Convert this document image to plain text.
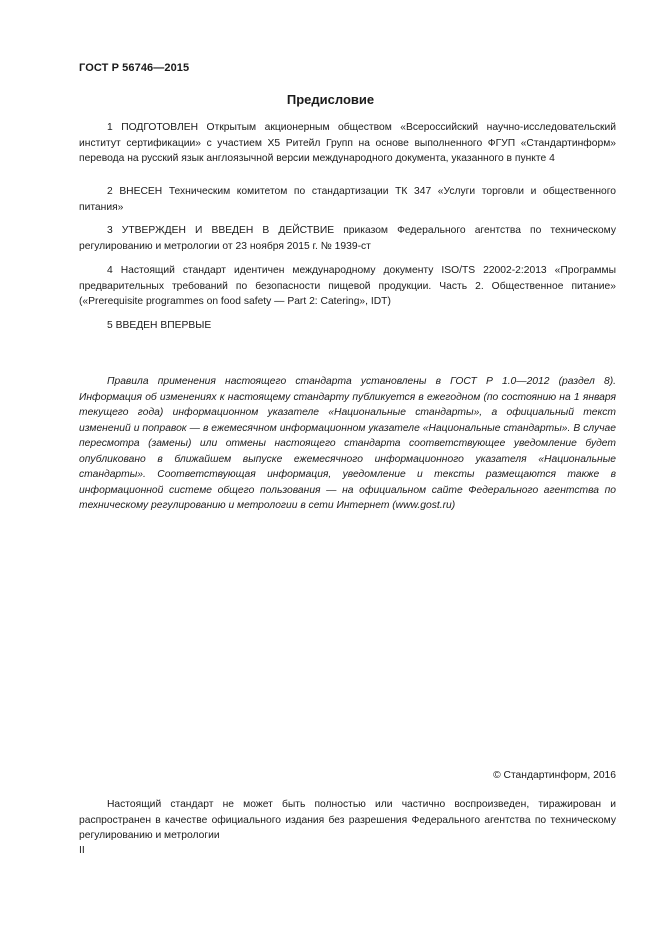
ГОСТ Р 56746—2015
Предисловие

1 ПОДГОТОВЛЕН Открытым акционерным обществом «Всероссийский научно-исследовательский институт сертификации» с участием Х5 Ритейл Групп на основе выполненного ФГУП «Стандартинформ» перевода на русский язык англоязычной версии международного документа, указанного в пункте 4

2 ВНЕСЕН Техническим комитетом по стандартизации ТК 347 «Услуги торговли и общественного питания»

3 УТВЕРЖДЕН И ВВЕДЕН В ДЕЙСТВИЕ приказом Федерального агентства по техническому регулированию и метрологии от 23 ноября 2015 г. № 1939-ст

4 Настоящий стандарт идентичен международному документу ISO/TS 22002-2:2013 «Программы предварительных требований по безопасности пищевой продукции. Часть 2. Общественное питание» («Prerequisite programmes on food safety — Part 2: Catering», IDT)

5 ВВЕДЕН ВПЕРВЫЕ

Правила применения настоящего стандарта установлены в ГОСТ Р 1.0—2012 (раздел 8). Информация об изменениях к настоящему стандарту публикуется в ежегодном (по состоянию на 1 января текущего года) информационном указателе «Национальные стандарты», а официальный текст изменений и поправок — в ежемесячном информационном указателе «Национальные стандарты». В случае пересмотра (замены) или отмены настоящего стандарта соответствующее уведомление будет опубликовано в ближайшем выпуске ежемесячного информационного указателя «Национальные стандарты». Соответствующая информация, уведомление и тексты размещаются также в информационной системе общего пользования — на официальном сайте Федерального агентства по техническому регулированию и метрологии в сети Интернет (www.gost.ru)

© Стандартинформ, 2016

Настоящий стандарт не может быть полностью или частично воспроизведен, тиражирован и распространен в качестве официального издания без разрешения Федерального агентства по техническому регулированию и метрологии

II
